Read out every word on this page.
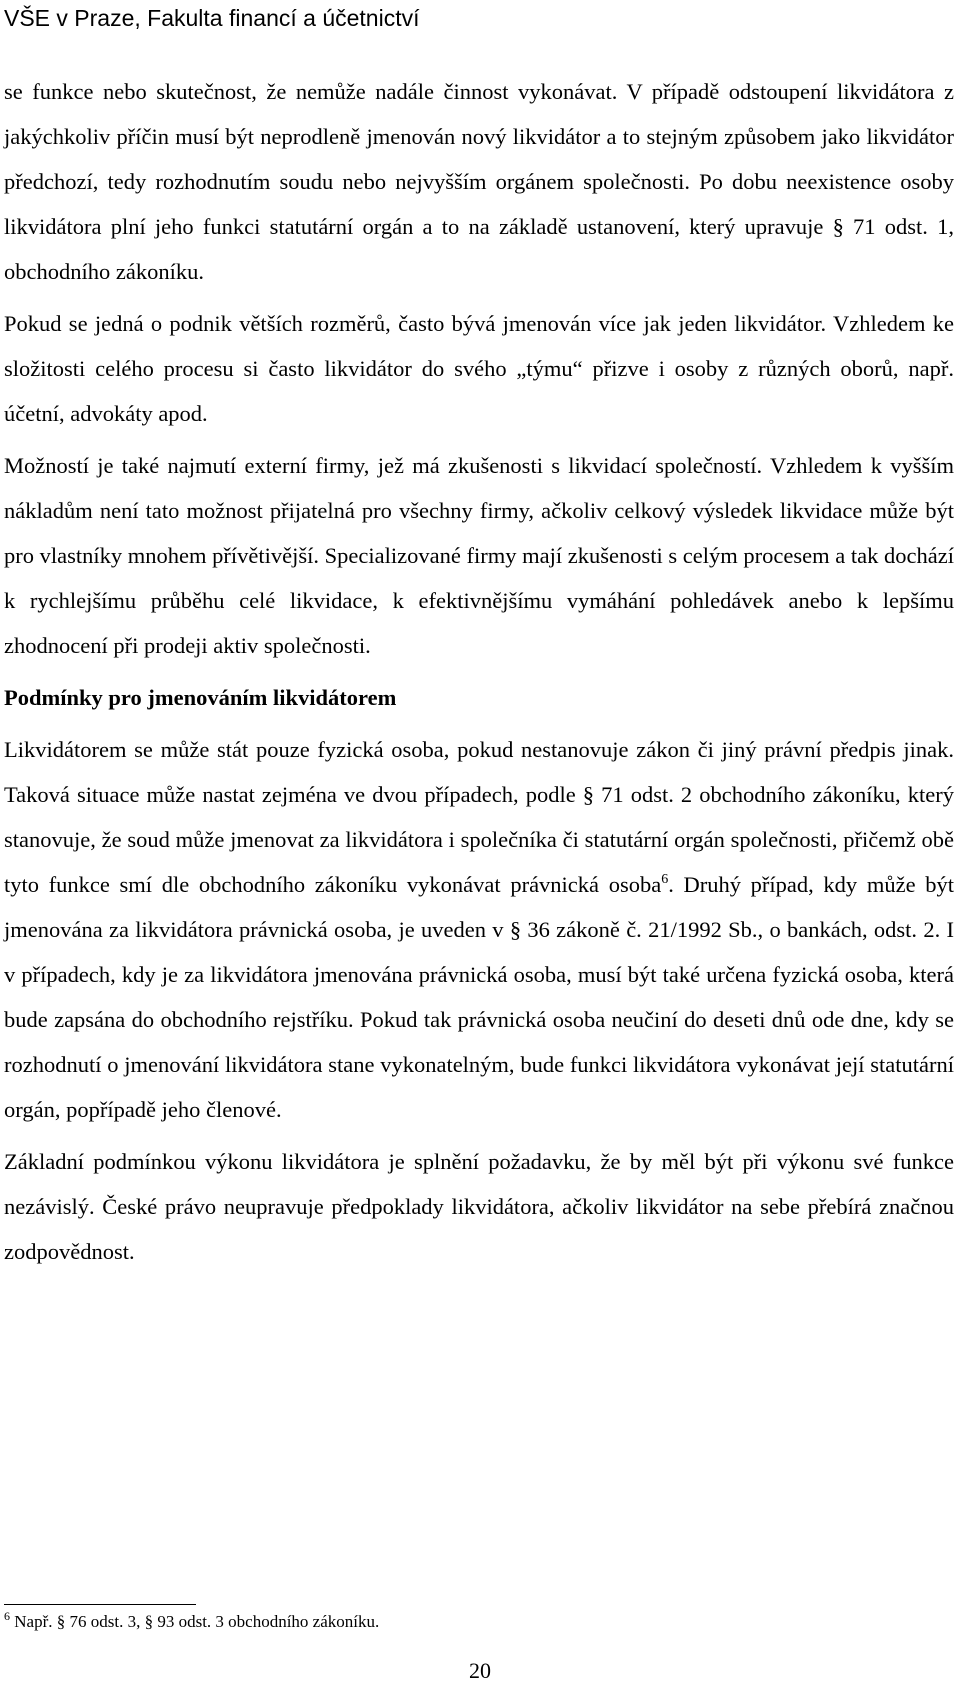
VŠE v Praze, Fakulta financí a účetnictví

se funkce nebo skutečnost, že nemůže nadále činnost vykonávat. V případě odstoupení likvidátora z jakýchkoliv příčin musí být neprodleně jmenován nový likvidátor a to stejným způsobem jako likvidátor předchozí, tedy rozhodnutím soudu nebo nejvyšším orgánem společnosti. Po dobu neexistence osoby likvidátora plní jeho funkci statutární orgán a to na základě ustanovení, který upravuje § 71 odst. 1, obchodního zákoníku.

Pokud se jedná o podnik větších rozměrů, často bývá jmenován více jak jeden likvidátor. Vzhledem ke složitosti celého procesu si často likvidátor do svého „týmu“ přizve i osoby z různých oborů, např. účetní, advokáty apod.

Možností je také najmutí externí firmy, jež má zkušenosti s likvidací společností. Vzhledem k vyšším nákladům není tato možnost přijatelná pro všechny firmy, ačkoliv celkový výsledek likvidace může být pro vlastníky mnohem přívětivější. Specializované firmy mají zkušenosti s celým procesem a tak dochází k rychlejšímu průběhu celé likvidace, k efektivnějšímu vymáhání pohledávek anebo k lepšímu zhodnocení při prodeji aktiv společnosti.

Podmínky pro jmenováním likvidátorem

Likvidátorem se může stát pouze fyzická osoba, pokud nestanovuje zákon či jiný právní předpis jinak. Taková situace může nastat zejména ve dvou případech, podle § 71 odst. 2 obchodního zákoníku, který stanovuje, že soud může jmenovat za likvidátora i společníka či statutární orgán společnosti, přičemž obě tyto funkce smí dle obchodního zákoníku vykonávat právnická osoba$^6$. Druhý případ, kdy může být jmenována za likvidátora právnická osoba, je uveden v § 36 zákoně č. 21/1992 Sb., o bankách, odst. 2. I v případech, kdy je za likvidátora jmenována právnická osoba, musí být také určena fyzická osoba, která bude zapsána do obchodního rejstříku. Pokud tak právnická osoba neučiní do deseti dnů ode dne, kdy se rozhodnutí o jmenování likvidátora stane vykonatelným, bude funkci likvidátora vykonávat její statutární orgán, popřípadě jeho členové.

Základní podmínkou výkonu likvidátora je splnění požadavku, že by měl být při výkonu své funkce nezávislý. České právo neupravuje předpoklady likvidátora, ačkoliv likvidátor na sebe přebírá značnou zodpovědnost.

$^6$ Např. § 76 odst. 3, § 93 odst. 3 obchodního zákoníku.
20
